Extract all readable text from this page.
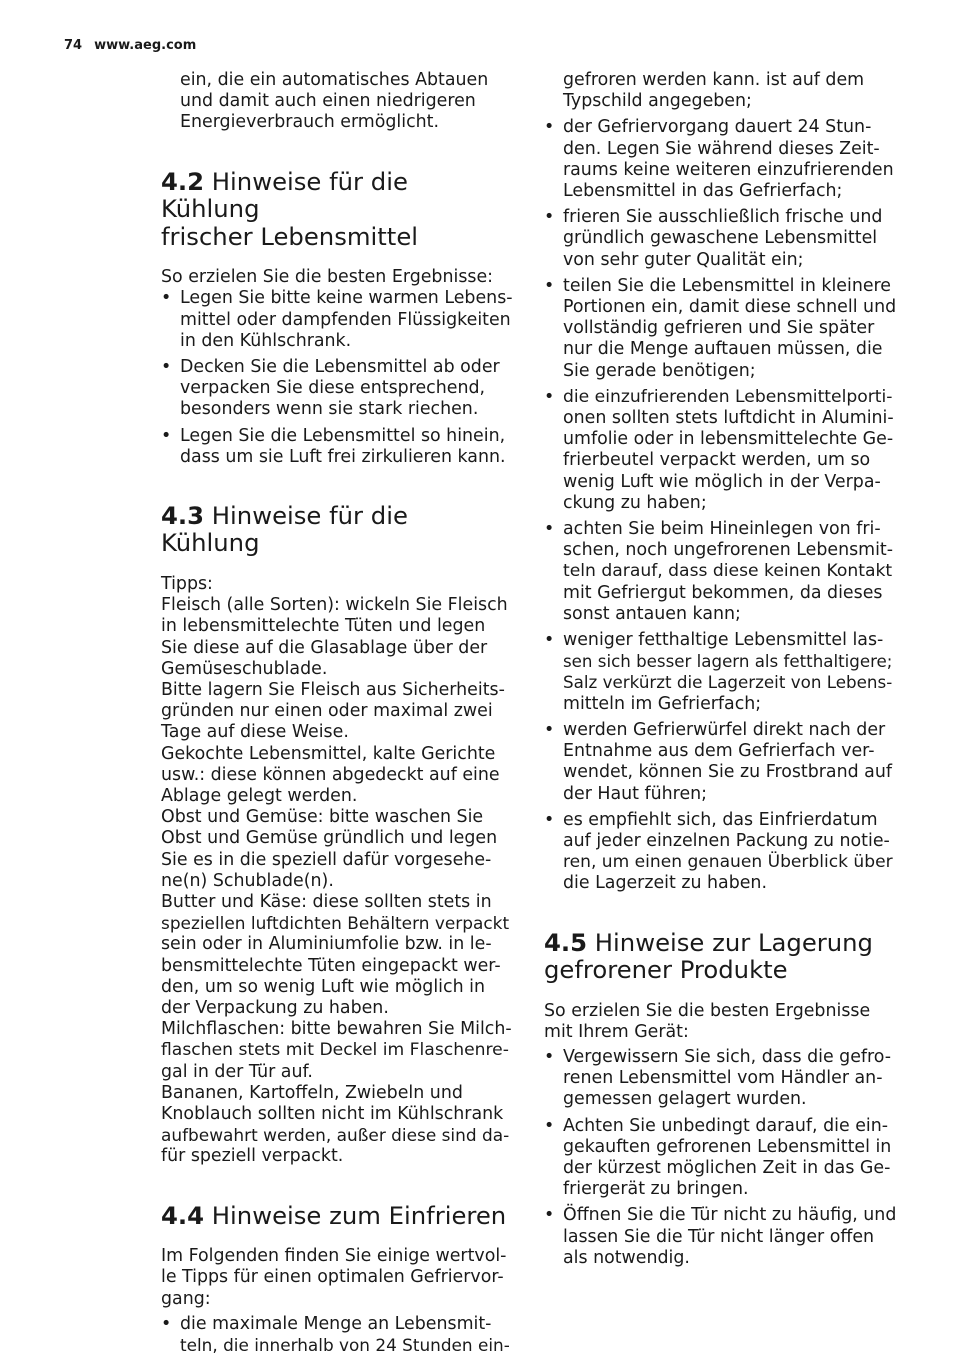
74 www.aeg.com
ein, die ein automatisches Abtauen
und damit auch einen niedrigeren
Energieverbrauch ermöglicht.
4.2 Hinweise für die Kühlung
frischer Lebensmittel

So erzielen Sie die besten Ergebnisse:

• Legen Sie bitte keine warmen Lebens-
mittel oder dampfenden Flüssigkeiten
in den Kühlschrank.
• Decken Sie die Lebensmittel ab oder
verpacken Sie diese entsprechend,
besonders wenn sie stark riechen.
• Legen Sie die Lebensmittel so hinein,
dass um sie Luft frei zirkulieren kann.
4.3 Hinweise für die Kühlung
Tipps:
Fleisch (alle Sorten): wickeln Sie Fleisch
in lebensmittelechte Tüten und legen
Sie diese auf die Glasablage über der
Gemüseschublade.
Bitte lagern Sie Fleisch aus Sicherheits-
gründen nur einen oder maximal zwei
Tage auf diese Weise.
Gekochte Lebensmittel, kalte Gerichte
usw.: diese können abgedeckt auf eine
Ablage gelegt werden.
Obst und Gemüse: bitte waschen Sie
Obst und Gemüse gründlich und legen
Sie es in die speziell dafür vorgesehe-
ne(n) Schublade(n).
Butter und Käse: diese sollten stets in
speziellen luftdichten Behältern verpackt
sein oder in Aluminiumfolie bzw. in le-
bensmittelechte Tüten eingepackt wer-
den, um so wenig Luft wie möglich in
der Verpackung zu haben.
Milchflaschen: bitte bewahren Sie Milch-
flaschen stets mit Deckel im Flaschenre-
gal in der Tür auf.
Bananen, Kartoffeln, Zwiebeln und
Knoblauch sollten nicht im Kühlschrank
aufbewahrt werden, außer diese sind da-
für speziell verpackt.
4.4 Hinweise zum Einfrieren
Im Folgenden finden Sie einige wertvol-
le Tipps für einen optimalen Gefriervor-
gang:
• die maximale Menge an Lebensmit-
teln, die innerhalb von 24 Stunden ein-
gefroren werden kann. ist auf dem
Typschild angegeben;
• der Gefriervorgang dauert 24 Stun-
den. Legen Sie während dieses Zeit-
raums keine weiteren einzufrierenden
Lebensmittel in das Gefrierfach;
• frieren Sie ausschließlich frische und
gründlich gewaschene Lebensmittel
von sehr guter Qualität ein;
• teilen Sie die Lebensmittel in kleinere
Portionen ein, damit diese schnell und
vollständig gefrieren und Sie später
nur die Menge auftauen müssen, die
Sie gerade benötigen;
• die einzufrierenden Lebensmittelporti-
onen sollten stets luftdicht in Alumini-
umfolie oder in lebensmittelechte Ge-
frierbeutel verpackt werden, um so
wenig Luft wie möglich in der Verpa-
ckung zu haben;
• achten Sie beim Hineinlegen von fri-
schen, noch ungefrorenen Lebensmit-
teln darauf, dass diese keinen Kontakt
mit Gefriergut bekommen, da dieses
sonst antauen kann;
• weniger fetthaltige Lebensmittel las-
sen sich besser lagern als fetthaltigere;
Salz verkürzt die Lagerzeit von Lebens-
mitteln im Gefrierfach;
• werden Gefrierwürfel direkt nach der
Entnahme aus dem Gefrierfach ver-
wendet, können Sie zu Frostbrand auf
der Haut führen;
• es empfiehlt sich, das Einfrierdatum
auf jeder einzelnen Packung zu notie-
ren, um einen genauen Überblick über
die Lagerzeit zu haben.
4.5 Hinweise zur Lagerung
gefrorener Produkte
So erzielen Sie die besten Ergebnisse
mit Ihrem Gerät:
• Vergewissern Sie sich, dass die gefro-
renen Lebensmittel vom Händler an-
gemessen gelagert wurden.
• Achten Sie unbedingt darauf, die ein-
gekauften gefrorenen Lebensmittel in
der kürzest möglichen Zeit in das Ge-
friergerät zu bringen.
• Öffnen Sie die Tür nicht zu häufig, und
lassen Sie die Tür nicht länger offen
als notwendig.
